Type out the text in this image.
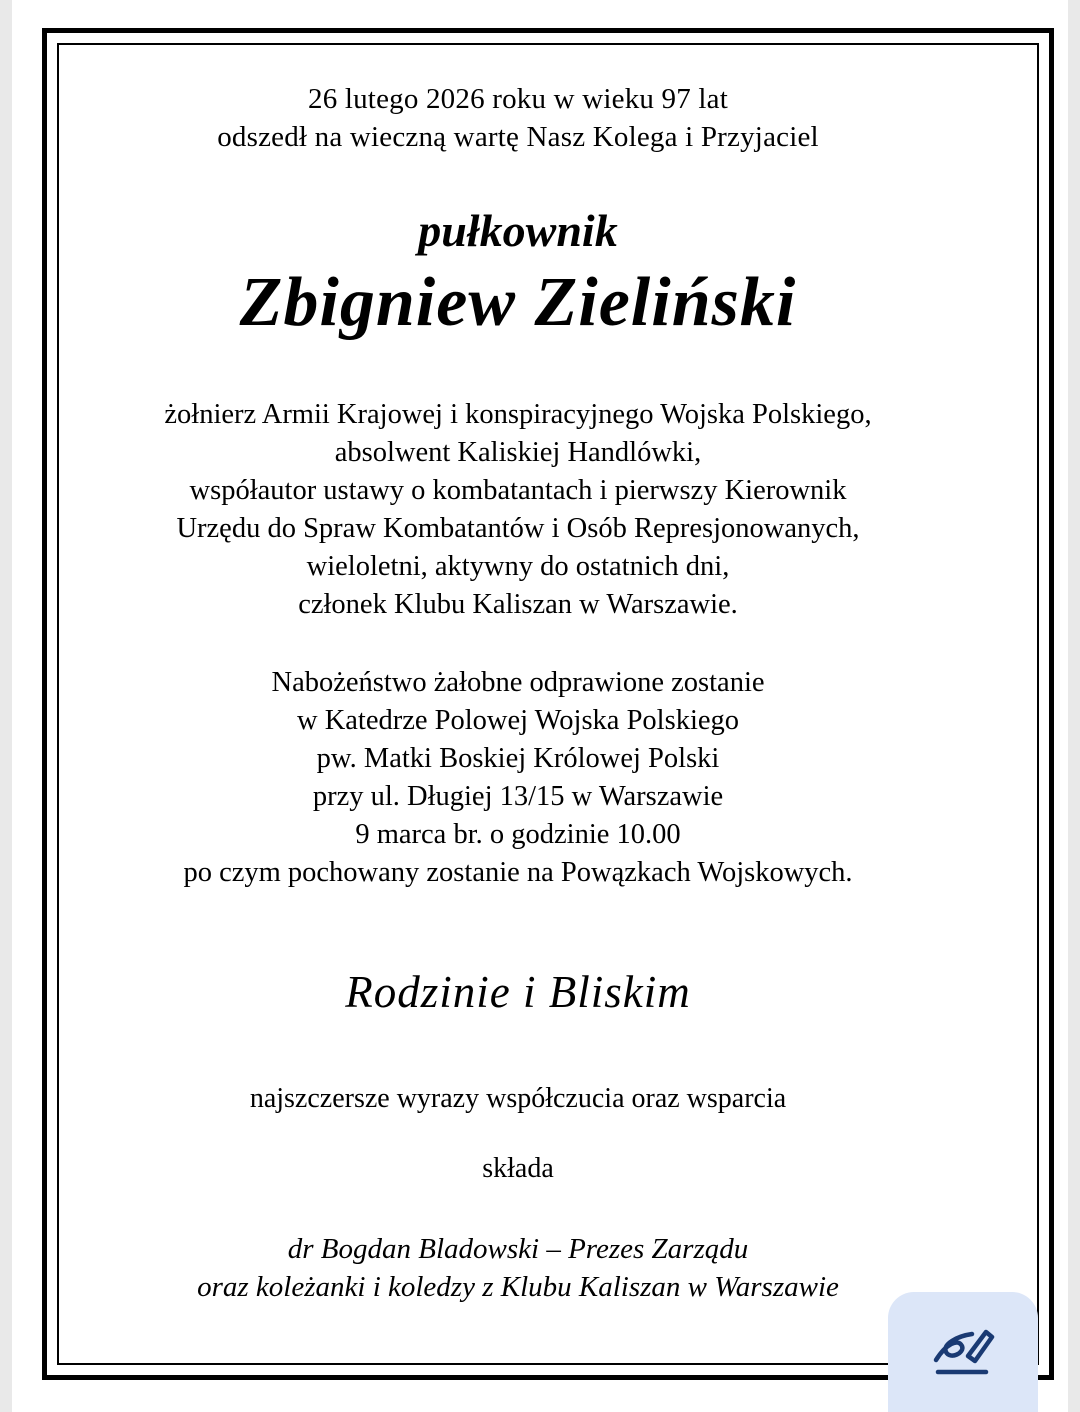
26 lutego 2026 roku w wieku 97 lat
odszedł na wieczną wartę Nasz Kolega i Przyjaciel
pułkownik
Zbigniew Zieliński
żołnierz Armii Krajowej i konspiracyjnego Wojska Polskiego,
absolwent Kaliskiej Handlówki,
współautor ustawy o kombatantach i pierwszy Kierownik
Urzędu do Spraw Kombatantów i Osób Represjonowanych,
wieloletni, aktywny do ostatnich dni,
członek Klubu Kaliszan w Warszawie.
Nabożeństwo żałobne odprawione zostanie
w Katedrze Polowej Wojska Polskiego
pw. Matki Boskiej Królowej Polski
przy ul. Długiej 13/15 w Warszawie
9 marca br. o godzinie 10.00
po czym pochowany zostanie na Powązkach Wojskowych.
Rodzinie i Bliskim
najszczersze wyrazy współczucia oraz wsparcia
składa
dr Bogdan Bladowski – Prezes Zarządu
oraz koleżanki i koledzy z Klubu Kaliszan w Warszawie
